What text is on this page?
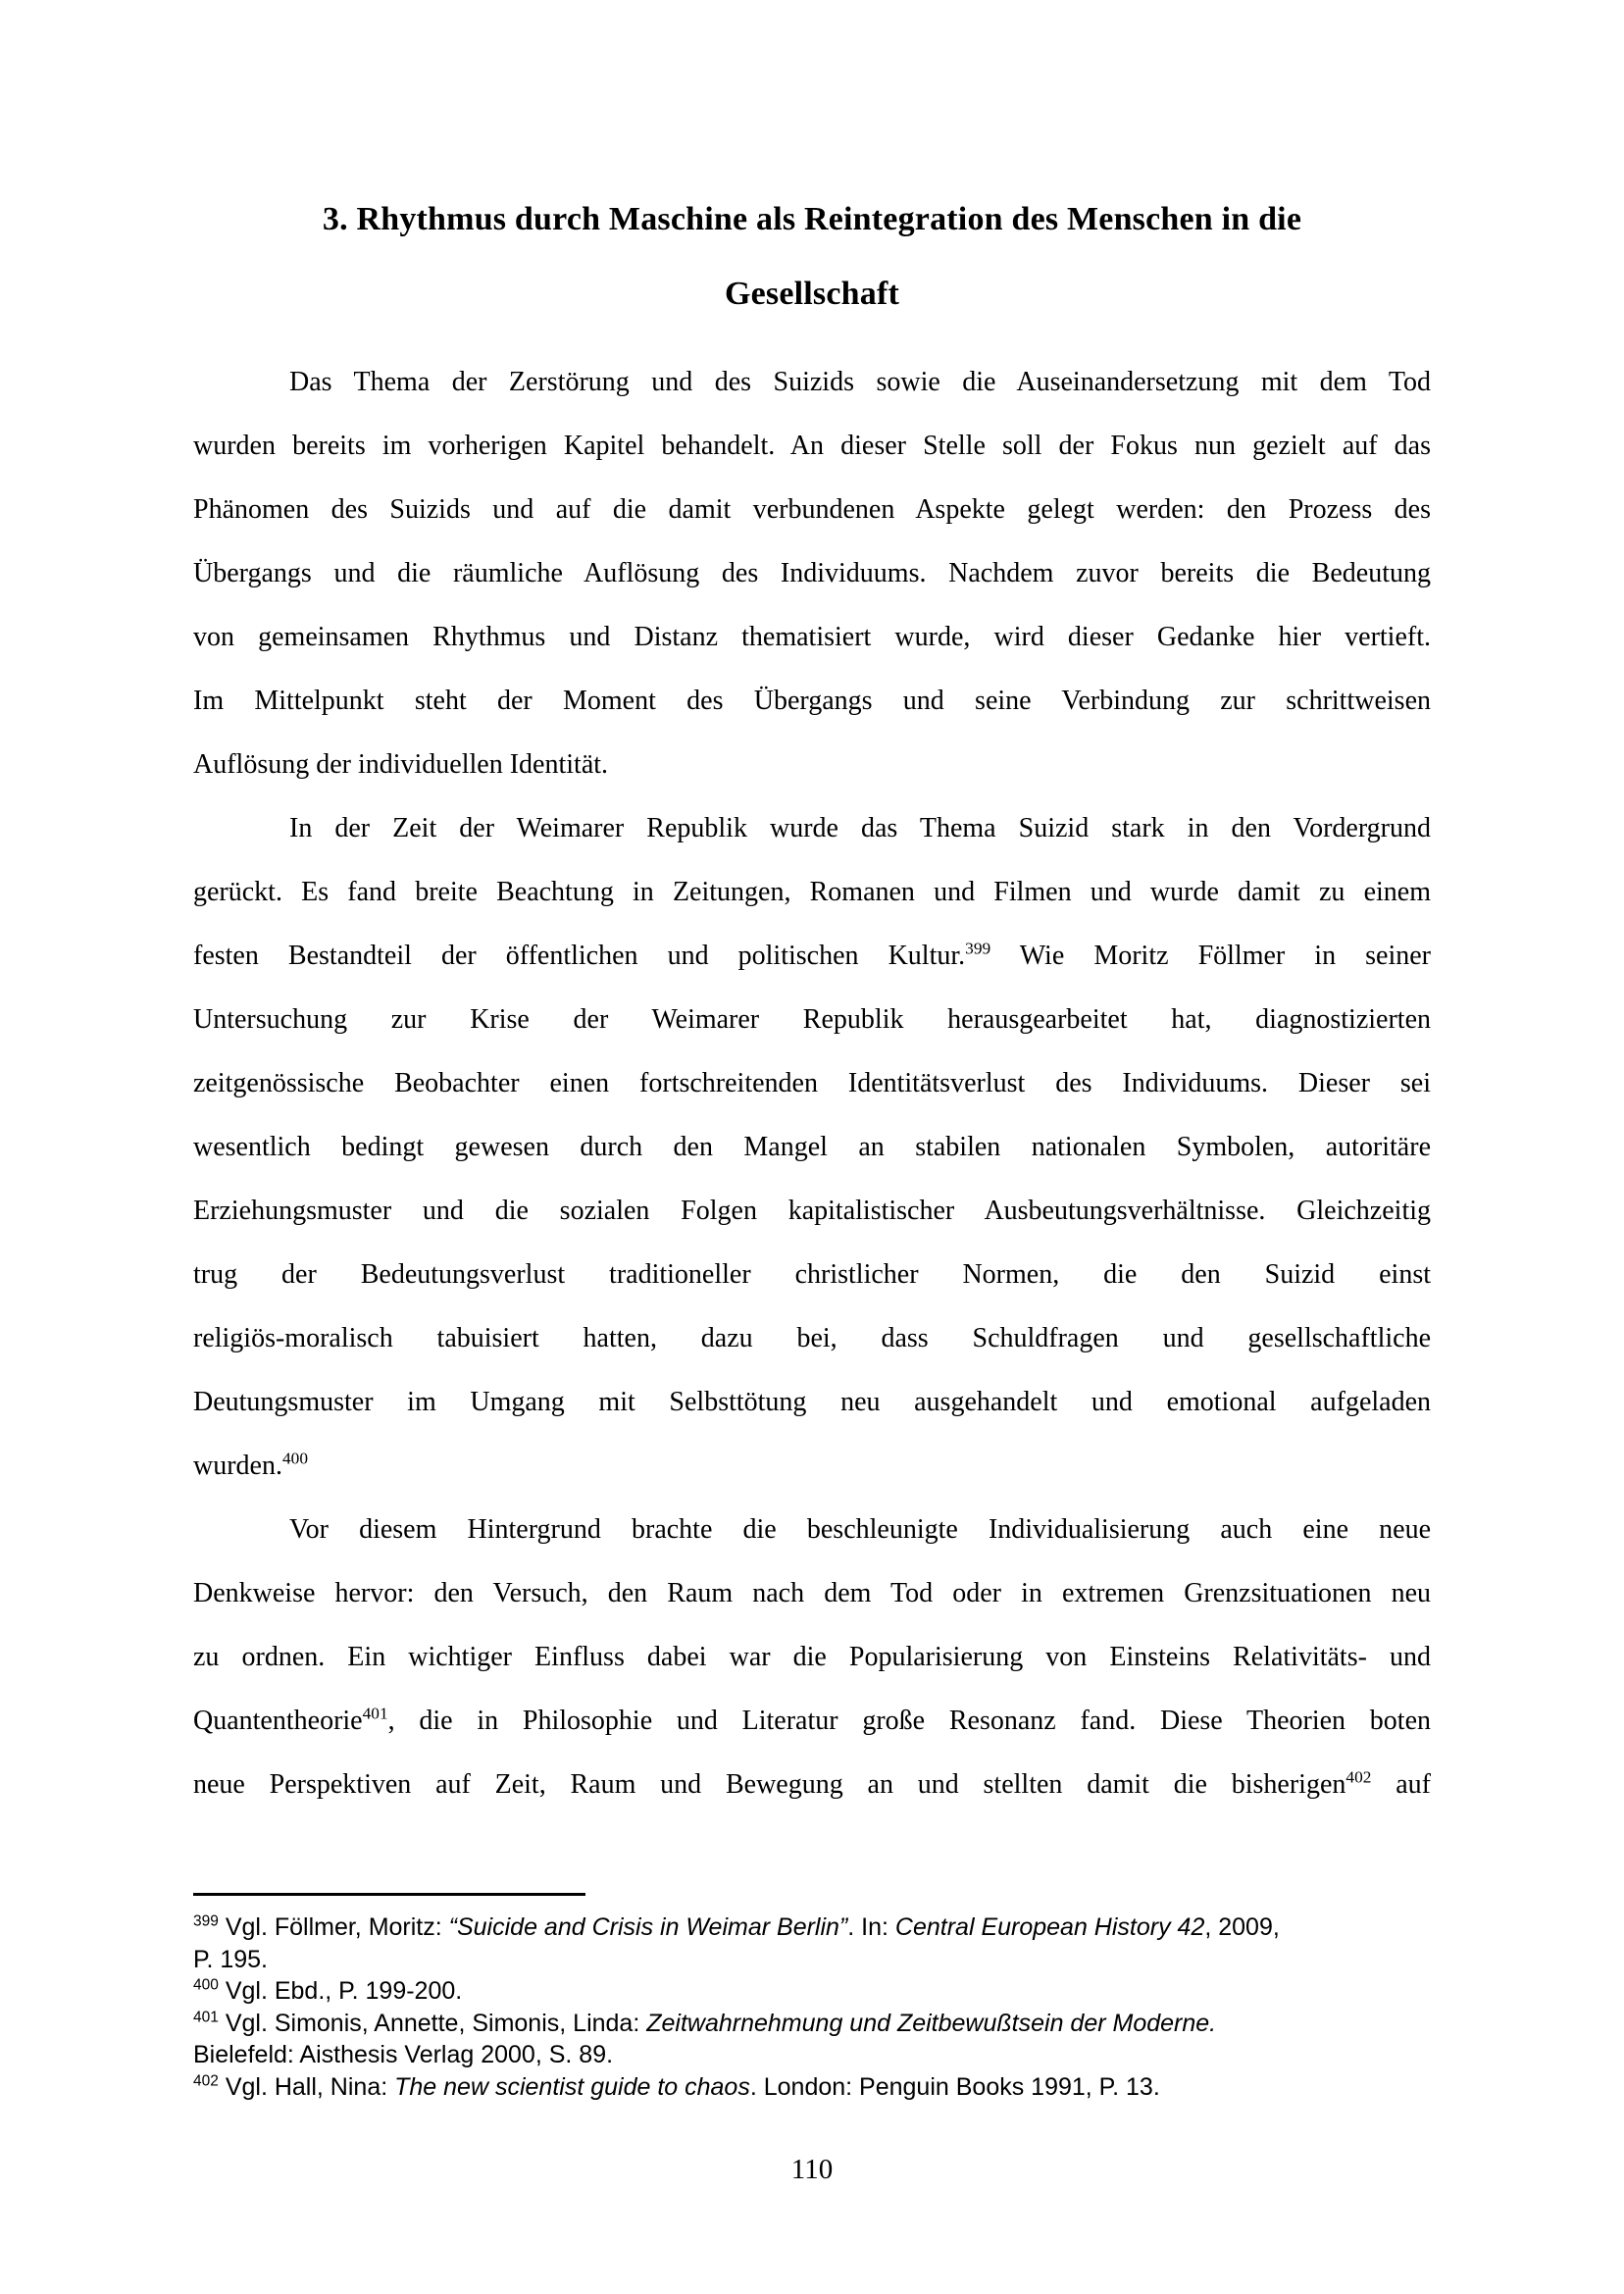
3. Rhythmus durch Maschine als Reintegration des Menschen in die
Gesellschaft
Das Thema der Zerstörung und des Suizids sowie die Auseinandersetzung mit dem Tod
wurden bereits im vorherigen Kapitel behandelt. An dieser Stelle soll der Fokus nun gezielt auf das
Phänomen des Suizids und auf die damit verbundenen Aspekte gelegt werden: den Prozess des
Übergangs und die räumliche Auflösung des Individuums. Nachdem zuvor bereits die Bedeutung
von gemeinsamen Rhythmus und Distanz thematisiert wurde, wird dieser Gedanke hier vertieft.
Im Mittelpunkt steht der Moment des Übergangs und seine Verbindung zur schrittweisen
Auflösung der individuellen Identität.
In der Zeit der Weimarer Republik wurde das Thema Suizid stark in den Vordergrund
gerückt. Es fand breite Beachtung in Zeitungen, Romanen und Filmen und wurde damit zu einem
festen Bestandteil der öffentlichen und politischen Kultur.$^{399}$ Wie Moritz Föllmer in seiner
Untersuchung zur Krise der Weimarer Republik herausgearbeitet hat, diagnostizierten
zeitgenössische Beobachter einen fortschreitenden Identitätsverlust des Individuums. Dieser sei
wesentlich bedingt gewesen durch den Mangel an stabilen nationalen Symbolen, autoritäre
Erziehungsmuster und die sozialen Folgen kapitalistischer Ausbeutungsverhältnisse. Gleichzeitig
trug der Bedeutungsverlust traditioneller christlicher Normen, die den Suizid einst
religiös-moralisch tabuisiert hatten, dazu bei, dass Schuldfragen und gesellschaftliche
Deutungsmuster im Umgang mit Selbsttötung neu ausgehandelt und emotional aufgeladen
wurden.$^{400}$
Vor diesem Hintergrund brachte die beschleunigte Individualisierung auch eine neue
Denkweise hervor: den Versuch, den Raum nach dem Tod oder in extremen Grenzsituationen neu
zu ordnen. Ein wichtiger Einfluss dabei war die Popularisierung von Einsteins Relativitäts- und
Quantentheorie$^{401}$, die in Philosophie und Literatur große Resonanz fand. Diese Theorien boten
neue Perspektiven auf Zeit, Raum und Bewegung an und stellten damit die bisherigen$^{402}$ auf
$^{399}$ Vgl. Föllmer, Moritz: “Suicide and Crisis in Weimar Berlin”. In: Central European History 42, 2009,
P. 195.
$^{400}$ Vgl. Ebd., P. 199-200.
$^{401}$ Vgl. Simonis, Annette, Simonis, Linda: Zeitwahrnehmung und Zeitbewußtsein der Moderne.
Bielefeld: Aisthesis Verlag 2000, S. 89.
$^{402}$ Vgl. Hall, Nina: The new scientist guide to chaos. London: Penguin Books 1991, P. 13.
110
